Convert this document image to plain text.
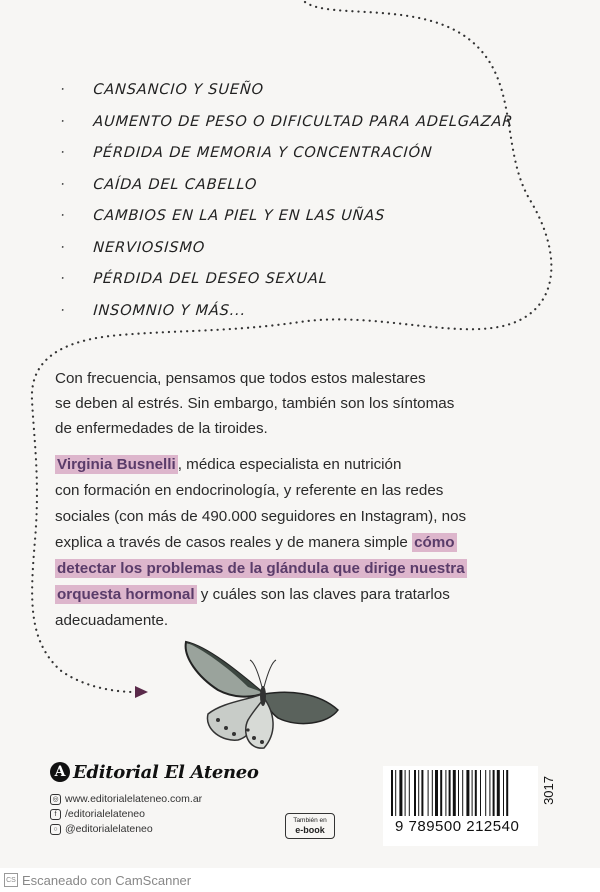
·	CANSANCIO Y SUEÑO
·	AUMENTO DE PESO O DIFICULTAD PARA ADELGAZAR
·	PÉRDIDA DE MEMORIA Y CONCENTRACIÓN
·	CAÍDA DEL CABELLO
·	CAMBIOS EN LA PIEL Y EN LAS UÑAS
·	NERVIOSISMO
·	PÉRDIDA DEL DESEO SEXUAL
·	INSOMNIO Y MÁS...
Con frecuencia, pensamos que todos estos malestares
se deben al estrés. Sin embargo, también son los síntomas
de enfermedades de la tiroides.
Virginia Busnelli , médica especialista en nutrición
con formación en endocrinología, y referente en las redes
sociales (con más de 490.000 seguidores en Instagram), nos
explica a través de casos reales y de manera simple cómo
detectar los problemas de la glándula que dirige nuestra
orquesta hormonal y cuáles son las claves para tratarlos
adecuadamente.
A Editorial El Ateneo
◎ www.editorialelateneo.com.ar
f /editorialelateneo
○ @editorialelateneo
También en
e-book	9 789500 212540
3017
CS Escaneado con CamScanner
